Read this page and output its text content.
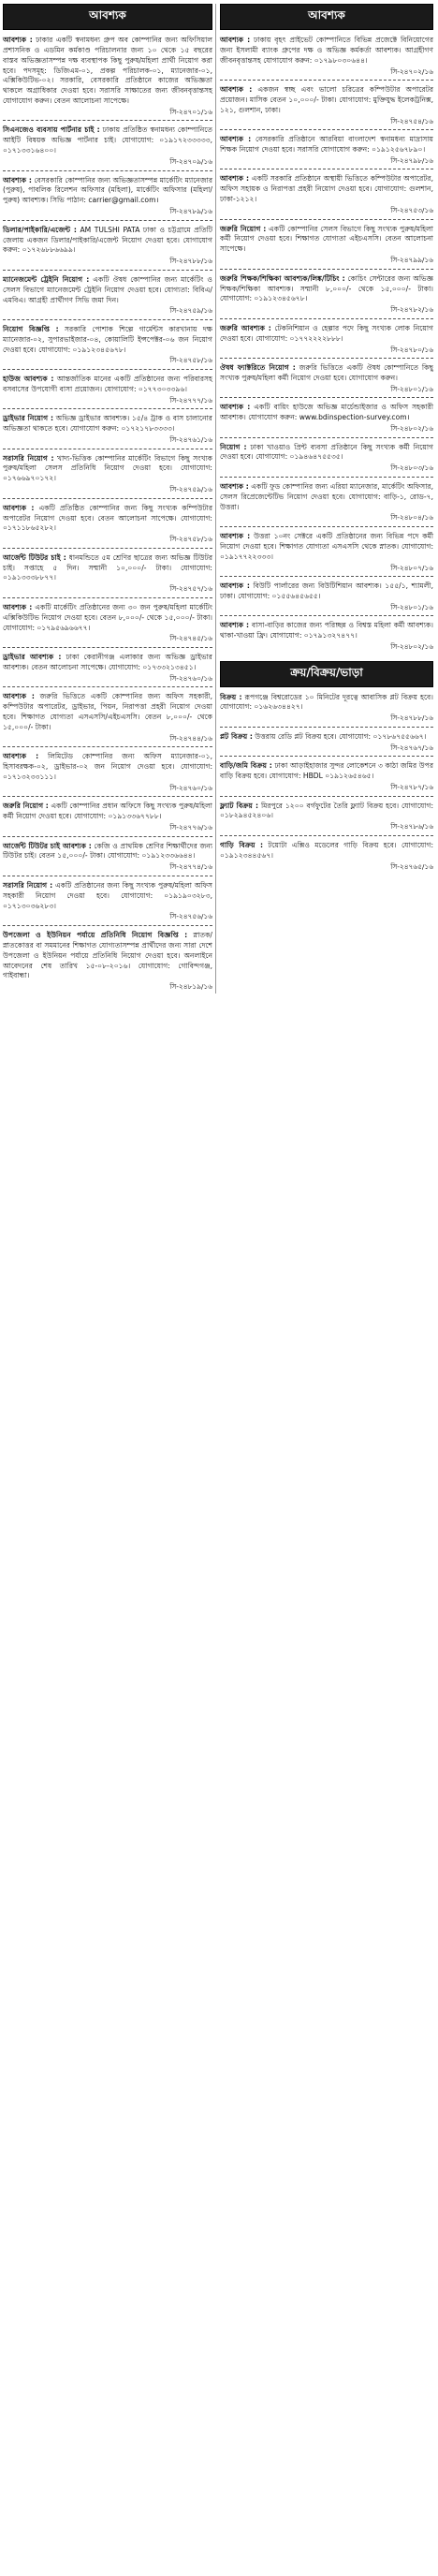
আবশ্যক
আবশ্যক : ঢাকার একটি স্বনামধন্য গ্রুপ অব কোম্পানির জন্য অফিসিয়াল প্রশাসনিক ও এডমিন কর্মকাণ্ড পরিচালনার জন্য ১০ থেকে ১৫ বছরের বাস্তব অভিজ্ঞতাসম্পন্ন দক্ষ ব্যবস্থাপক কিছু পুরুষ/মহিলা প্রার্থী নিয়োগ করা হবে। পদসমূহ: ডিজিএম-০১, প্রকল্প পরিচালক-০১, ম্যানেজার-০১, এক্সিকিউটিভ-০২। সরকারি, বেসরকারি প্রতিষ্ঠানে কাজের অভিজ্ঞতা থাকলে অগ্রাধিকার দেওয়া হবে। সরাসরি সাক্ষাতের জন্য জীবনবৃত্তান্তসহ যোগাযোগ করুন। বেতন আলোচনা সাপেক্ষে।
সি-২৪৭০১/১৬
সিএনজেও ব্যবসায় পার্টনার চাই : ঢাকায় প্রতিষ্ঠিত স্বনামধন্য কোম্পানিতে আইটি বিষয়ক অভিজ্ঞ পার্টনার চাই। যোগাযোগ: ০১৯১৭২৩৩৩৩৩, ০১৭১৩৩১৬৪০০।
সি-২৪৭০৯/১৬
আবশ্যক : বেসরকারি কোম্পানির জন্য অভিজ্ঞতাসম্পন্ন মার্কেটিং ম্যানেজার (পুরুষ), পাবলিক রিলেশন অফিসার (মহিলা), মার্কেটিং অফিসার (মহিলা/পুরুষ) আবশ্যক। সিভি পাঠান: carrier@gmail.com।
সি-২৪৭৮৯/১৬
ডিলার/পাইকারি/এজেন্ট : AM TULSHI PATA ঢাকা ও চট্টগ্রামে প্রতিটি জেলায় একজন ডিলার/পাইকারি/এজেন্ট নিয়োগ দেওয়া হবে। যোগাযোগ করুন: ০১৭২৬৮৮৬৬৯৯।
সি-২৪৭৮৮/১৬
ম্যানেজমেন্ট ট্রেইনি নিয়োগ : একটি ঔষধ কোম্পানির জন্য মার্কেটিং ও সেলস বিভাগে ম্যানেজমেন্ট ট্রেইনি নিয়োগ দেওয়া হবে। যোগ্যতা: বিবিএ/এমবিএ। আগ্রহী প্রার্থীগণ সিভি জমা দিন।
সি-২৪৭৫৯/১৬
নিয়োগ বিজ্ঞপ্তি : সরকারি পোশাক শিল্পে গার্মেন্টস কারখানায় দক্ষ ম্যানেজার-০২, সুপারভাইজার-০৪, কোয়ালিটি ইন্সপেক্টর-০৬ জন নিয়োগ দেওয়া হবে। যোগাযোগ: ০১৯১২৩৪৫৬৭৮।
সি-২৪৭৫৮/১৬
হাউজ আবশ্যক : আন্তর্জাতিক মানের একটি প্রতিষ্ঠানের জন্য পরিবারসহ বসবাসের উপযোগী বাসা প্রয়োজন। যোগাযোগ: ০১৭৭৩০৩৩৯৬।
সি-২৪৭৭৭/১৬
ড্রাইভার নিয়োগ : অভিজ্ঞ ড্রাইভার আবশ্যক। ১৫/৪ ট্রাক ও বাস চালানোর অভিজ্ঞতা থাকতে হবে। যোগাযোগ করুন: ০১৭২১৭৮৩৩৩৩।
সি-২৪৭৬১/১৬
সরাসরি নিয়োগ : খাদ্য-ভিত্তিক কোম্পানির মার্কেটিং বিভাগে কিছু সংখ্যক পুরুষ/মহিলা সেলস প্রতিনিধি নিয়োগ দেওয়া হবে। যোগাযোগ: ০১৭৬৬৯৭০১৭২।
সি-২৪৭৫৯/১৬
আবশ্যক : একটি প্রতিষ্ঠিত কোম্পানির জন্য কিছু সংখ্যক কম্পিউটার অপারেটর নিয়োগ দেওয়া হবে। বেতন আলোচনা সাপেক্ষে। যোগাযোগ: ০১৭১১৮৬৫২৮২।
সি-২৪৭৫৮/১৬
আর্জেন্ট টিউটর চাই : ধানমন্ডিতে ৫ম শ্রেণির ছাত্রের জন্য অভিজ্ঞ টিউটর চাই। সপ্তাহে ৫ দিন। সম্মানী ১০,০০০/- টাকা। যোগাযোগ: ০১৯১৩৩৩৮৮৭৭।
সি-২৪৭৫৭/১৬
আবশ্যক : একটি মার্কেটিং প্রতিষ্ঠানের জন্য ৩০ জন পুরুষ/মহিলা মার্কেটিং এক্সিকিউটিভ নিয়োগ দেওয়া হবে। বেতন ৮,০০০/- থেকে ১৫,০০০/- টাকা। যোগাযোগ: ০১৭৯৫৬৯৬৬৭৭।
সি-২৪৭৪৫/১৬
ড্রাইভার আবশ্যক : ঢাকা কেরানীগঞ্জ এলাকার জন্য অভিজ্ঞ ড্রাইভার আবশ্যক। বেতন আলোচনা সাপেক্ষে। যোগাযোগ: ০১৭৩৩২১৩৪৫১।
সি-২৪৭৬০/১৬
আবশ্যক : জরুরি ভিত্তিতে একটি কোম্পানির জন্য অফিস সহকারী, কম্পিউটার অপারেটর, ড্রাইভার, পিয়ন, নিরাপত্তা প্রহরী নিয়োগ দেওয়া হবে। শিক্ষাগত যোগ্যতা এসএসসি/এইচএসসি। বেতন ৮,০০০/- থেকে ১৫,০০০/- টাকা।
সি-২৪৭৪৪/১৬
আবশ্যক : লিমিটেড কোম্পানির জন্য অফিস ম্যানেজার-০১, হিসাবরক্ষক-০২, ড্রাইভার-০২ জন নিয়োগ দেওয়া হবে। যোগাযোগ: ০১৭১৩২৩৩১১১।
সি-২৪৭৬০/১৬
জরুরি নিয়োগ : একটি কোম্পানির প্রধান অফিসে কিছু সংখ্যক পুরুষ/মহিলা কর্মী নিয়োগ দেওয়া হবে। যোগাযোগ: ০১৯১৩৩৬৭৭৮৮।
সি-২৪৭৭৬/১৬
আর্জেন্ট টিউটর চাই আবশ্যক : কেজি ও প্রাথমিক শ্রেণির শিক্ষার্থীদের জন্য টিউটর চাই। বেতন ১৫,০০০/- টাকা। যোগাযোগ: ০১৯১২৩৩৬৬৪৪।
সি-২৪৭৭৪/১৬
সরাসরি নিয়োগ : একটি প্রতিষ্ঠানের জন্য কিছু সংখ্যক পুরুষ/মহিলা অফিস সহকারী নিয়োগ দেওয়া হবে। যোগাযোগ: ০১৯১৯০৩২৮৩, ০১৭১৩০৩৬২৮৩।
সি-২৪৭৫৬/১৬
উপজেলা ও ইউনিয়ন পর্যায়ে প্রতিনিধি নিয়োগ বিজ্ঞপ্তি : স্নাতক/স্নাতকোত্তর বা সমমানের শিক্ষাগত যোগ্যতাসম্পন্ন প্রার্থীদের জন্য সারা দেশে উপজেলা ও ইউনিয়ন পর্যায়ে প্রতিনিধি নিয়োগ দেওয়া হবে। অনলাইনে আবেদনের শেষ তারিখ ১৫-০৮-২০১৬। যোগাযোগ: গোবিন্দগঞ্জ, গাইবান্ধা।
সি-২৪৮১৯/১৬
আবশ্যক
আবশ্যক : ঢাকায় বৃহৎ প্রাইভেট কোম্পানিতে বিভিন্ন প্রজেক্টে বিনিয়োগের জন্য ইসলামী ব্যাংক গ্রুপের দক্ষ ও অভিজ্ঞ কর্মকর্তা আবশ্যক। আগ্রহীগণ জীবনবৃত্তান্তসহ যোগাযোগ করুন: ০১৭৯৮০৩০৬৪৪।
সি-২৪৭০২/১৬
আবশ্যক : একজন স্বচ্ছ এবং ভালো চরিত্রের কম্পিউটার অপারেটর প্রয়োজন। মাসিক বেতন ১০,০০০/- টাকা। যোগাযোগ: মুক্তিযুদ্ধ ইলেকট্রনিক্স, ১২১, গুলশান, ঢাকা।
সি-২৪৭৫৪/১৬
আবশ্যক : বেসরকারি প্রতিষ্ঠানে আরবিয়া বাংলাদেশ স্বনামধন্য মাদ্রাসায় শিক্ষক নিয়োগ দেওয়া হবে। সরাসরি যোগাযোগ করুন: ০১৯১২৫৬৭৮৯০।
সি-২৪৭৯৮/১৬
আবশ্যক : একটি সরকারি প্রতিষ্ঠানে অস্থায়ী ভিত্তিতে কম্পিউটার অপারেটর, অফিস সহায়ক ও নিরাপত্তা প্রহরী নিয়োগ দেওয়া হবে। যোগাযোগ: গুলশান, ঢাকা-১২১২।
সি-২৪৭৫৩/১৬
জরুরি নিয়োগ : একটি কোম্পানির সেলস বিভাগে কিছু সংখ্যক পুরুষ/মহিলা কর্মী নিয়োগ দেওয়া হবে। শিক্ষাগত যোগ্যতা এইচএসসি। বেতন আলোচনা সাপেক্ষে।
সি-২৪৭৯৯/১৬
জরুরি শিক্ষক/শিক্ষিকা আবশ্যক/লিঙ্ক/টিচিং : কোচিং সেন্টারের জন্য অভিজ্ঞ শিক্ষক/শিক্ষিকা আবশ্যক। সম্মানী ৮,০০০/- থেকে ১৫,০০০/- টাকা। যোগাযোগ: ০১৯১২৩৪৫৬৭৮।
সি-২৪৭৮২/১৬
জরুরি আবশ্যক : টেকনিশিয়ান ও হেল্পার পদে কিছু সংখ্যক লোক নিয়োগ দেওয়া হবে। যোগাযোগ: ০১৭৭২২২২৮৮৮।
সি-২৪৭৮০/১৬
ঔষধ ফ্যাক্টরিতে নিয়োগ : জরুরি ভিত্তিতে একটি ঔষধ কোম্পানিতে কিছু সংখ্যক পুরুষ/মহিলা কর্মী নিয়োগ দেওয়া হবে। যোগাযোগ করুন।
সি-২৪৮০১/১৬
আবশ্যক : একটি বায়িং হাউজে অভিজ্ঞ মার্চেন্ডাইজার ও অফিস সহকারী আবশ্যক। যোগাযোগ করুন: www.bdinspection-survey.com।
সি-২৪৮০২/১৬
নিয়োগ : ঢাকা খাওয়াও প্রিন্ট ব্যবসা প্রতিষ্ঠানে কিছু সংখ্যক কর্মী নিয়োগ দেওয়া হবে। যোগাযোগ: ০১৯৪৬৪৭৫৫৩৫।
সি-২৪৮০৩/১৬
আবশ্যক : একটি ফুড কোম্পানির জন্য এরিয়া ম্যানেজার, মার্কেটিং অফিসার, সেলস রিপ্রেজেন্টেটিভ নিয়োগ দেওয়া হবে। যোগাযোগ: বাড়ি-১, রোড-৭, উত্তরা।
সি-২৪৮০৪/১৬
আবশ্যক : উত্তরা ১০নং সেক্টরে একটি প্রতিষ্ঠানের জন্য বিভিন্ন পদে কর্মী নিয়োগ দেওয়া হবে। শিক্ষাগত যোগ্যতা এসএসসি থেকে স্নাতক। যোগাযোগ: ০১৯১৭৭২২৩৩৩।
সি-২৪৮০৭/১৬
আবশ্যক : বিউটি পার্লারের জন্য বিউটিশিয়ান আবশ্যক। ১৫৫/১, শ্যামলী, ঢাকা। যোগাযোগ: ০১৫৫৬৪৫৬৫৫।
সি-২৪৮০১/১৬
আবশ্যক : বাসা-বাড়ির কাজের জন্য পরিচ্ছন্ন ও বিশ্বস্ত মহিলা কর্মী আবশ্যক। থাকা-খাওয়া ফ্রি। যোগাযোগ: ০১৭৯১৩২৭৪৭৭।
সি-২৪৮০২/১৬
ক্রয়/বিক্রয়/ভাড়া
বিক্রয় : রূপগঞ্জে বিশ্বরোডের ১০ মিনিটের দূরত্বে আবাসিক প্লট বিক্রয় হবে। যোগাযোগ: ০১৬২৬৩৪৪২৭।
সি-২৪৭৮৮/১৬
প্লট বিক্রয় : উত্তরায় রেডি প্লট বিক্রয় হবে। যোগাযোগ: ০১৭৮৬৭৫৫৬৬৭।
সি-২৪৭৬৭/১৬
বাড়ি/জমি বিক্রয় : ঢাকা আড়াইহাজার সুন্দর লোকেশনে ৩ কাঠা জমির উপর বাড়ি বিক্রয় হবে। যোগাযোগ: HBDL ০১৯১২৬৫৪৬৫।
সি-২৪৭৮৭/১৬
ফ্ল্যাট বিক্রয় : মিরপুরে ১২০০ বর্গফুটের তৈরি ফ্ল্যাট বিক্রয় হবে। যোগাযোগ: ০১৮২৯৪৫২৪০৬।
সি-২৪৭৮৬/১৬
গাড়ি বিক্রয় : টয়োটা এক্সিও মডেলের গাড়ি বিক্রয় হবে। যোগাযোগ: ০১৯১২৩৪৪৫৬৭।
সি-২৪৭৬৫/১৬
